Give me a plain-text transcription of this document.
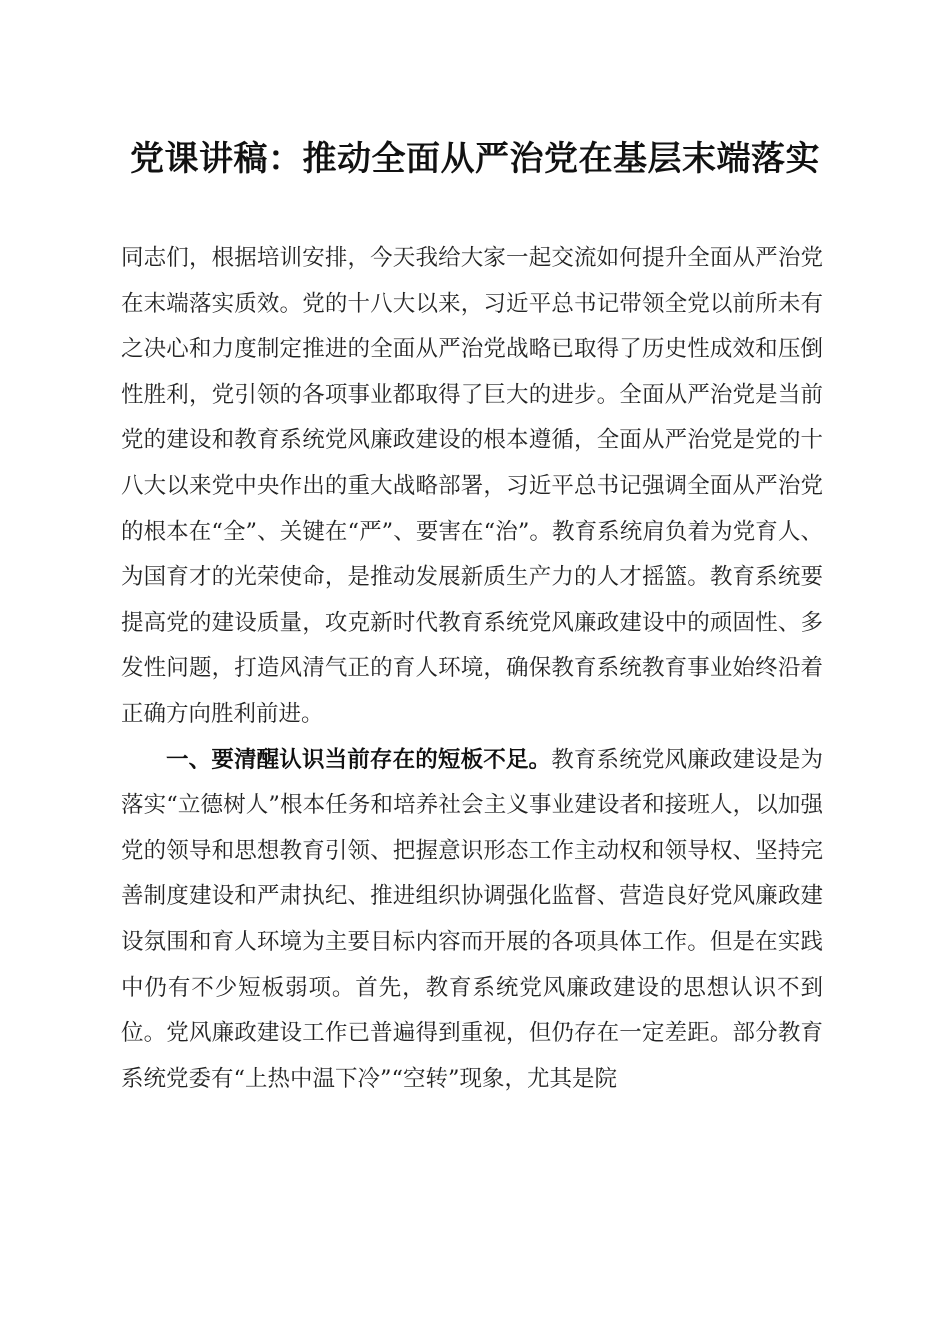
党课讲稿：推动全面从严治党在基层末端落实

同志们，根据培训安排，今天我给大家一起交流如何提升全面从严治党在末端落实质效。党的十八大以来，习近平总书记带领全党以前所未有之决心和力度制定推进的全面从严治党战略已取得了历史性成效和压倒性胜利，党引领的各项事业都取得了巨大的进步。全面从严治党是当前党的建设和教育系统党风廉政建设的根本遵循，全面从严治党是党的十八大以来党中央作出的重大战略部署，习近平总书记强调全面从严治党的根本在“全”、关键在“严”、要害在“治”。教育系统肩负着为党育人、为国育才的光荣使命，是推动发展新质生产力的人才摇篮。教育系统要提高党的建设质量，攻克新时代教育系统党风廉政建设中的顽固性、多发性问题，打造风清气正的育人环境，确保教育系统教育事业始终沿着正确方向胜利前进。

一、要清醒认识当前存在的短板不足。教育系统党风廉政建设是为落实“立德树人”根本任务和培养社会主义事业建设者和接班人，以加强党的领导和思想教育引领、把握意识形态工作主动权和领导权、坚持完善制度建设和严肃执纪、推进组织协调强化监督、营造良好党风廉政建设氛围和育人环境为主要目标内容而开展的各项具体工作。但是在实践中仍有不少短板弱项。首先，教育系统党风廉政建设的思想认识不到位。党风廉政建设工作已普遍得到重视，但仍存在一定差距。部分教育系统党委有“上热中温下冷”“空转”现象，尤其是院
